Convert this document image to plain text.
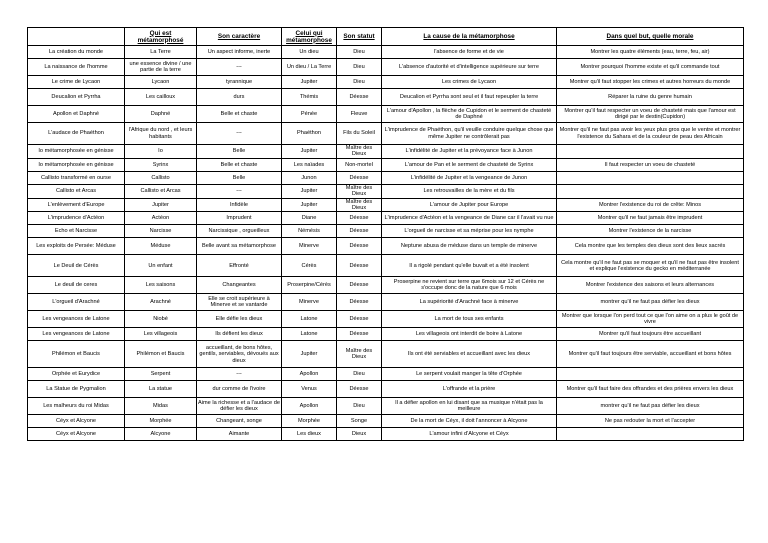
	Qui est métamorphosé	Son caractère	Celui qui métamorphose	Son statut	La cause de la métamorphose	Dans quel but, quelle morale
La création du monde	La Terre	Un aspect informe, inerte	Un dieu	Dieu	l'absence de forme et de vie	Montrer les quatre éléments (eau, terre, feu, air)
La naissance de l'homme	une essence divine / une partie de la terre	---	Un dieu / La Terre	Dieu	L'absence d'autorité et d'intelligence supérieure sur terre	Montrer pourquoi l'homme existe et qu'il commande tout
Le crime de Lycaon	Lycaon	tyrannique	Jupiter	Dieu	Les crimes de Lycaon	Montrer qu'il faut stopper les crimes et autres horreurs du monde
Deucalion et Pyrrha	Les cailloux	durs	Thémis	Déesse	Deucalion et Pyrrha sont seul et il faut repeupler la terre	Réparer la ruine du genre humain
Apollon et Daphné	Daphné	Belle et chaste	Pénée	Fleuve	L'amour d'Apollon , la flèche de Cupidon et le serment de chasteté de Daphné	Montrer qu'il faut respecter un voeu de chasteté mais que l'amour est dirigé par le destin(Cupidon)
L'audace de Phaéthon	l'Afrique du nord , et leurs habitants	---	Phaéthon	Fils du Soleil	L'imprudence de Phaéthon, qu'il veuille conduire quelque chose que même Jupiter ne contrôlerait pas	Montrer qu'il ne faut pas avoir les yeux plus gros que le ventre et montrer l'existence du Sahara et de la couleur de peau des Africain
Io métamorphosée en génisse	Io	Belle	Jupiter	Maître des Dieux	L'infidélité de Jupiter et la prévoyance face à Junon	
Io métamorphosée en génisse	Syrinx	Belle et chaste	Les naïades	Non-mortel	L'amour de Pan et le serment de chasteté de Syrinx	Il faut respecter un voeu de chasteté
Callisto transformé en ourse	Callisto	Belle	Junon	Déesse	L'infidélité de Jupiter et la vengeance de Junon	
Callisto et Arcas	Callisto et Arcas	---	Jupiter	Maître des Dieux	Les retrouvailles de la mère et du fils	
L'enlèvement d'Europe	Jupiter	Infidèle	Jupiter	Maître des Dieux	L'amour de Jupiter pour Europe	Montrer l'existence du roi de crête: Minos
L'imprudence d'Actéon	Actéon	Imprudent	Diane	Déesse	L'imprudence d'Actéon et la vengeance de Diane car il l'avait vu nue	Montrer qu'il ne faut jamais être imprudent
Echo et Narcisse	Narcisse	Narcissique , orgueilleux	Némésis	Déesse	L'orgueil de narcisse et sa méprise pour les nymphe	Montrer l'existence de la narcisse
Les exploits de Persée: Méduse	Méduse	Belle avant sa métamorphose	Minerve	Déesse	Neptune abusa de méduse dans un temple de minerve	Cela montre que les temples des dieux sont des lieux sacrés
Le Deuil de Cérès	Un enfant	Effronté	Cérès	Déesse	Il a rigolé pendant qu'elle buvait et a été insolent	Cela montre qu'il ne faut pas se moquer et qu'il ne faut pas être insolent et explique l'existence du gecko en méditerranée
Le deuil de ceres	Les saisons	Changeantes	Proserpine/Cérès	Déesse	Proserpine ne revient sur terre que 6mois sur 12 et Cérès ne s'occupe donc de la nature que 6 mois	Montrer l'existence des saisons et leurs alternances
L'orgueil d'Arachné	Arachné	Elle se croit supérieure à Minerve et se vantarde	Minerve	Déesse	La supériorité d'Arachné face à minerve	montrer qu'il ne faut pas défier les dieux
Les vengeances de Latone	Niobé	Elle défie les dieux	Latone	Déesse	La mort de tous ses enfants	Montrer que lorsque l'on perd tout ce que l'on aime on a plus le goût de vivre
Les vengeances de Latone	Les villageois	Ils défient les dieux	Latone	Déesse	Les villageois ont interdit de boire à Latone	Montrer qu'il faut toujours être accueillant
Philémon et Baucis	Philémon et Baucis	accueillant, de bons hôtes, gentils, serviables, dévoués aux dieux	Jupiter	Maître des Dieux	Ils ont été serviables et accueillant avec les dieux	Montrer qu'il faut toujours être serviable, accueillant et bons hôtes
Orphée et Eurydice	Serpent	---	Apollon	Dieu	Le serpent voulait manger la tête d'Orphée	
La Statue de Pygmalion	La statue	dur comme de l'ivoire	Venus	Déesse	L'offrande et la prière	Montrer qu'il faut faire des offrandes et des prières envers les dieux
Les malheurs du roi Midas	Midas	Aime la richesse et a l'audace de défier les dieux	Apollon	Dieu	Il a défier apollon en lui disant que sa musique n'était pas la meilleure	montrer qu'il ne faut pas défier les dieux
Céyx et Alcyone	Morphée	Changeant, songe	Morphée	Songe	De la mort de Céyx, il doit l'annoncer à Alcyone	Ne pas redouter la mort et l'accepter
Céyx et Alcyone	Alcyone	Aimante	Les dieux	Dieux	L'amour infini d'Alcyone et Céyx	
